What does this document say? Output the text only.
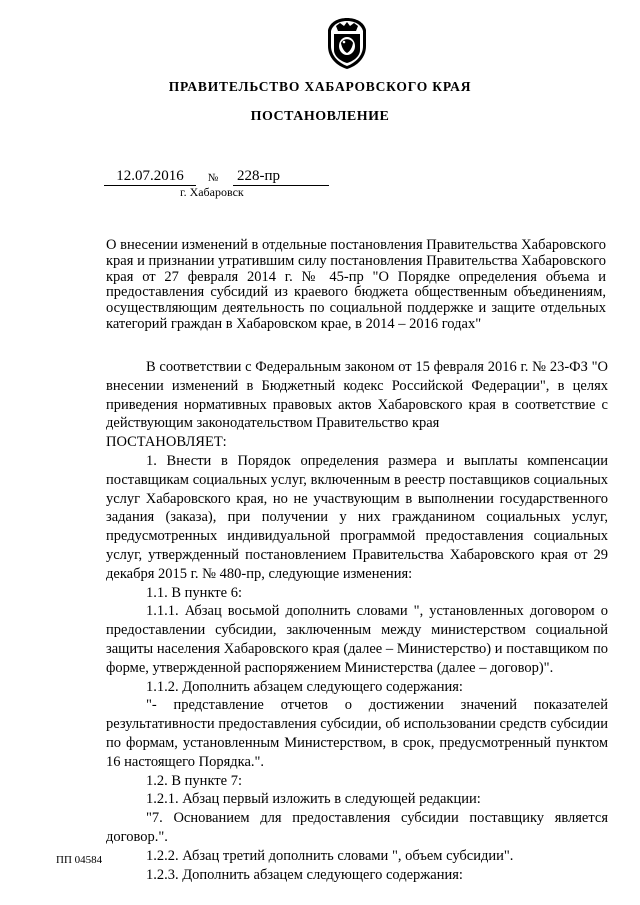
ПРАВИТЕЛЬСТВО ХАБАРОВСКОГО КРАЯ
ПОСТАНОВЛЕНИЕ
12.07.2016	№	228-пр
г. Хабаровск
О внесении изменений в отдельные постановления Правительства Хабаровского края и признании утратившим силу постановления Правительства Хабаровского края от 27 февраля 2014 г. № 45-пр "О Порядке определения объема и предоставления субсидий из краевого бюджета общественным объединениям, осуществляющим деятельность по социальной поддержке и защите отдельных категорий граждан в Хабаровском крае, в 2014 – 2016 годах"

В соответствии с Федеральным законом от 15 февраля 2016 г. № 23-ФЗ "О внесении изменений в Бюджетный кодекс Российской Федерации", в целях приведения нормативных правовых актов Хабаровского края в соответствие с действующим законодательством Правительство края

ПОСТАНОВЛЯЕТ:

1. Внести в Порядок определения размера и выплаты компенсации поставщикам социальных услуг, включенным в реестр поставщиков социальных услуг Хабаровского края, но не участвующим в выполнении государственного задания (заказа), при получении у них гражданином социальных услуг, предусмотренных индивидуальной программой предоставления социальных услуг, утвержденный постановлением Правительства Хабаровского края от 29 декабря 2015 г. № 480-пр, следующие изменения:

1.1. В пункте 6:

1.1.1. Абзац восьмой дополнить словами ", установленных договором о предоставлении субсидии, заключенным между министерством социальной защиты населения Хабаровского края (далее – Министерство) и поставщиком по форме, утвержденной распоряжением Министерства (далее – договор)".

1.1.2. Дополнить абзацем следующего содержания:

"- представление отчетов о достижении значений показателей результативности предоставления субсидии, об использовании средств субсидии по формам, установленным Министерством, в срок, предусмотренный пунктом 16 настоящего Порядка.".

1.2. В пункте 7:

1.2.1. Абзац первый изложить в следующей редакции:

"7. Основанием для предоставления субсидии поставщику является договор.".

1.2.2. Абзац третий дополнить словами ", объем субсидии".

1.2.3. Дополнить абзацем следующего содержания:

ПП 04584
